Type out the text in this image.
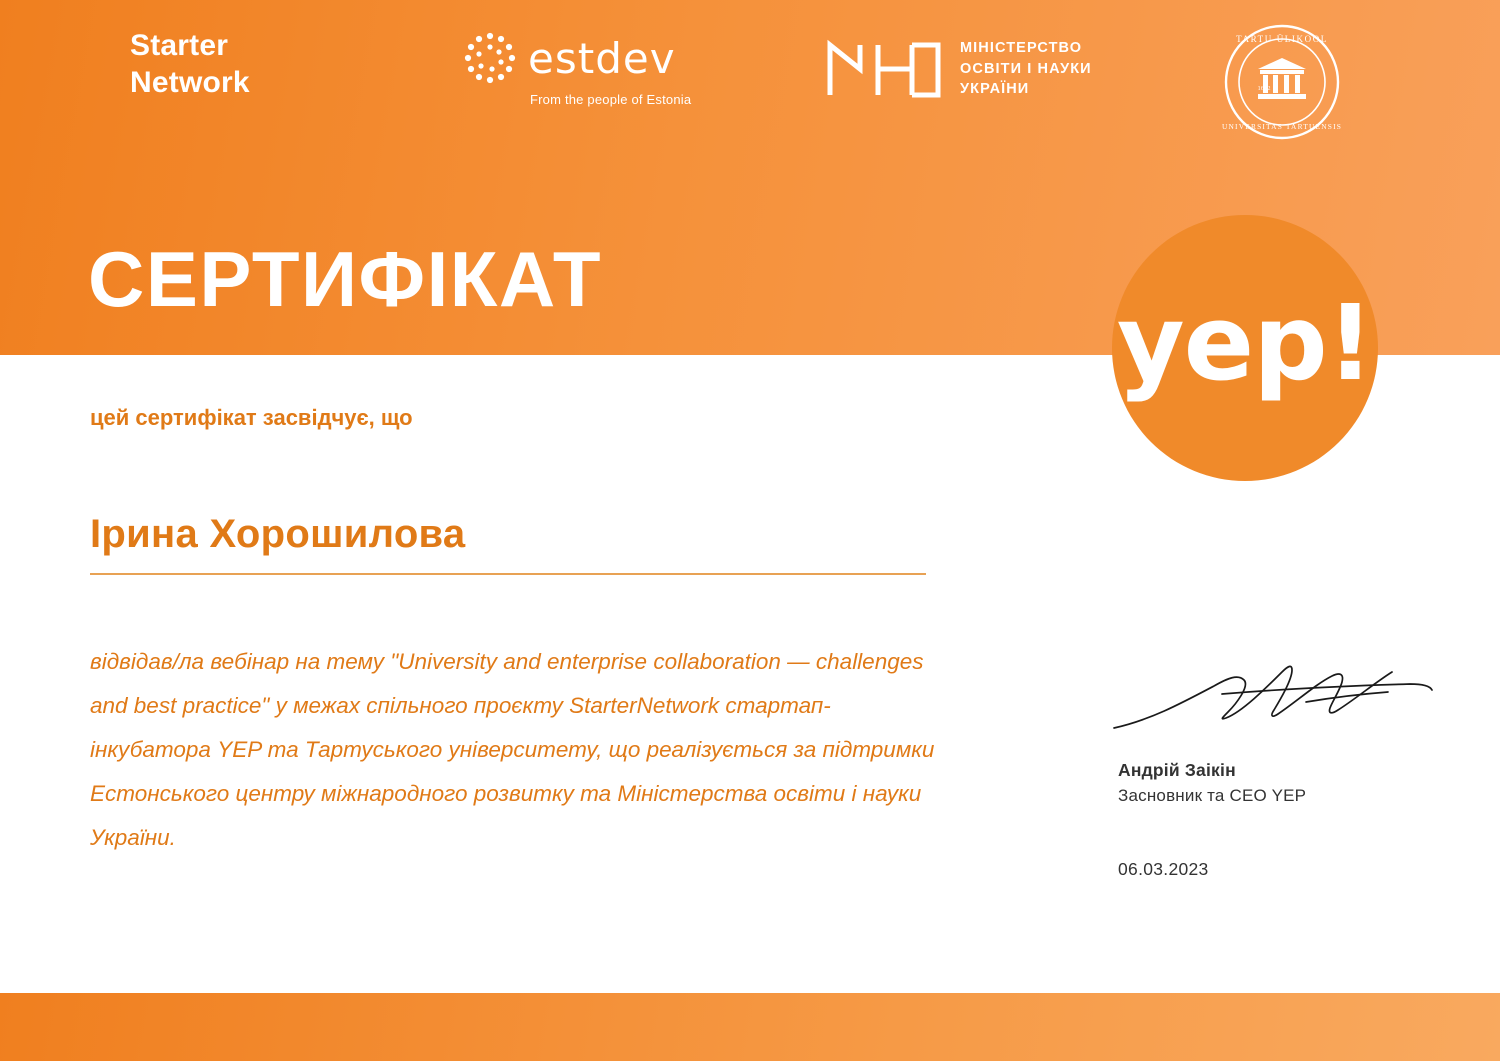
Starter
Network	estdev
From the people of Estonia
МІНІСТЕРСТВО
ОСВІТИ І НАУКИ
УКРАЇНИ
TARTU ÜLIKOOL
UNIVERSITAS TARTUENSIS
1632
СЕРТИФІКАТ
yep!
цей сертифікат засвідчує, що
Ірина Хорошилова
відвідав/ла вебінар на тему "University and enterprise collaboration — challenges and best practice" у межах спільного проєкту StarterNetwork стартап-інкубатора YEP та Тартуського університету, що реалізується за підтримки Естонського центру міжнародного розвитку та Міністерства освіти і науки України.
Андрій Заікін
Засновник та CEO YEP
06.03.2023
